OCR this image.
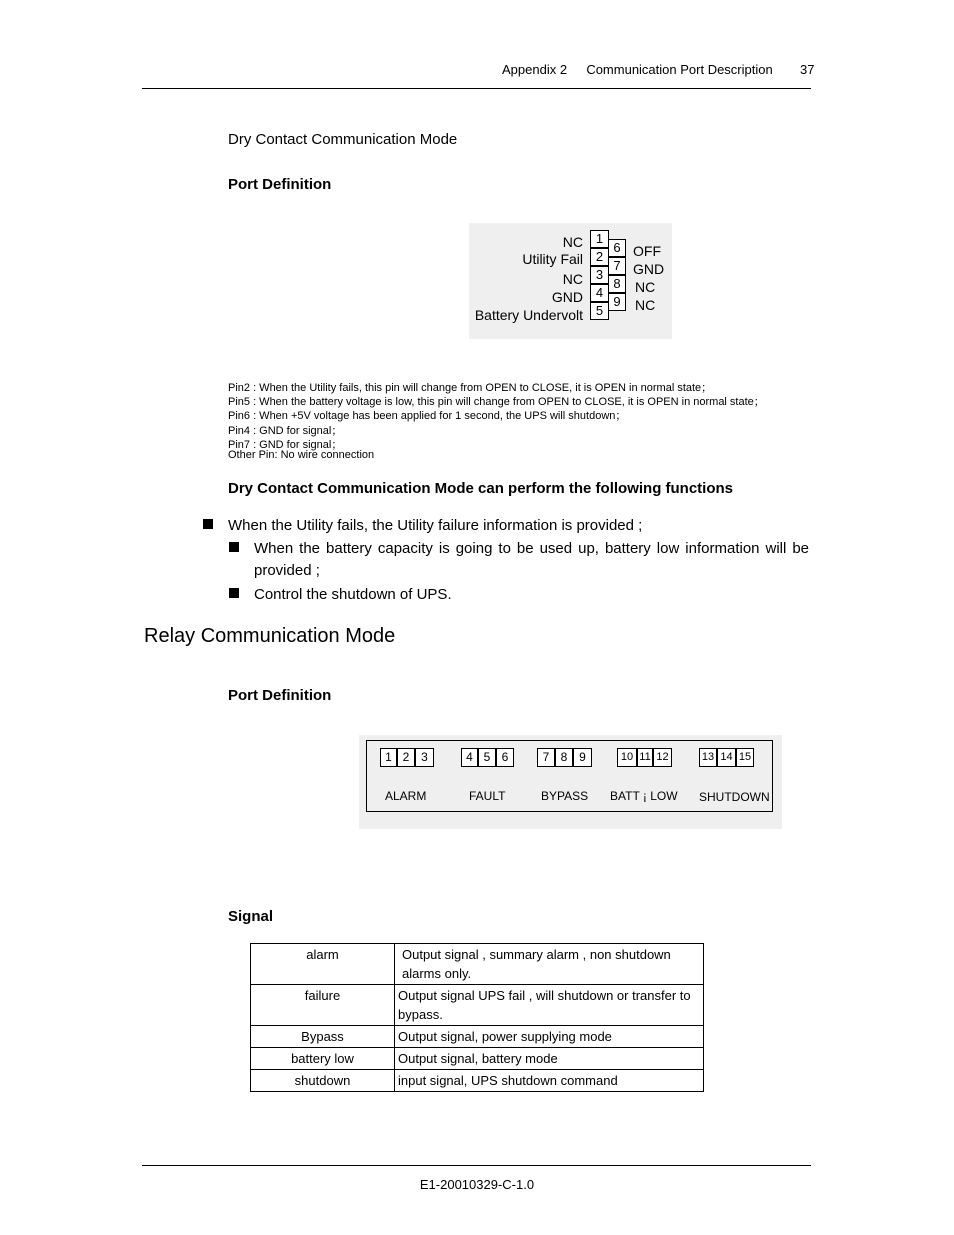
Appendix 2 Communication Port Description 37
Dry Contact Communication Mode
Port Definition
NC
Utility Fail
NC
GND
Battery Undervolt
1
2
3
4
5
6
7
8
9
OFF
GND
NC
NC
Pin2 : When the Utility fails, this pin will change from OPEN to CLOSE, it is OPEN in normal state；
Pin5 : When the battery voltage is low, this pin will change from OPEN to CLOSE, it is OPEN in normal state；
Pin6 : When +5V voltage has been applied for 1 second, the UPS will shutdown；
Pin4 : GND for signal；
Pin7 : GND for signal；
Other Pin: No wire connection
Dry Contact Communication Mode can perform the following functions
When the Utility fails, the Utility failure information is provided ;
When the battery capacity is going to be used up, battery low information will be
provided ;
Control the shutdown of UPS.
Relay Communication Mode
Port Definition
1 2 3
ALARM
4 5 6
FAULT
7 8 9
BYPASS
10 11 12
BATT ¡ LOW
13 14 15
SHUTDOWN
Signal
alarm	Output signal , summary alarm , non shutdown alarms only.
failure	Output signal UPS fail , will shutdown or transfer to bypass.
Bypass	Output signal, power supplying mode
battery low	Output signal, battery mode
shutdown	input signal, UPS shutdown command
E1-20010329-C-1.0
